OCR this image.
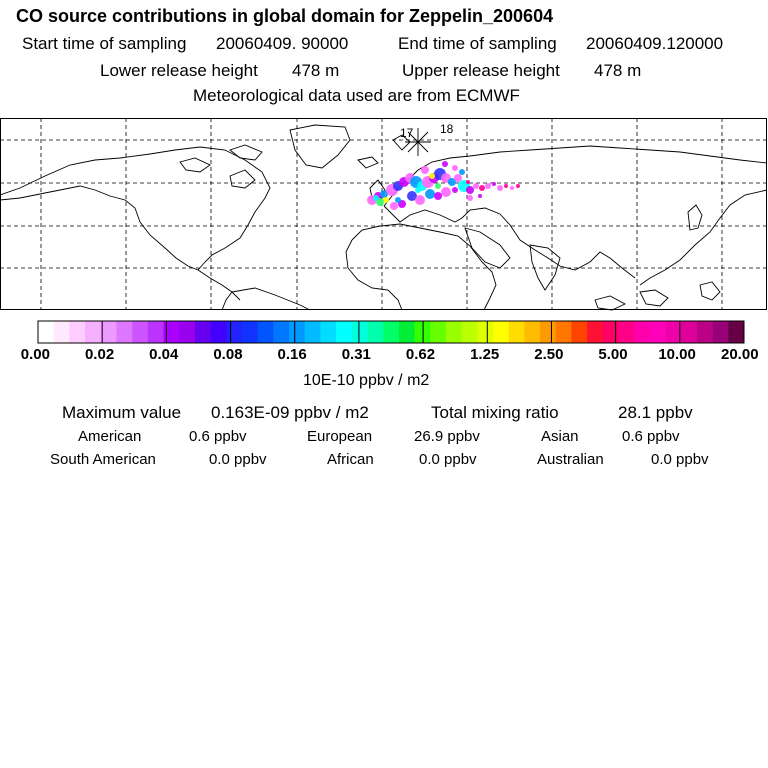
CO source contributions in global domain for Zeppelin_200604
Start time of sampling 20060409. 90000	End time of sampling 20060409.120000
Lower release height 478 m	Upper release height 478 m
Meteorological data used are from ECMWF
17 18
0.00 0.02 0.04 0.08 0.16 0.31 0.62 1.25 2.50 5.00 10.00 20.00
10E-10 ppbv / m2
Maximum value 0.163E-09 ppbv / m2	Total mixing ratio	28.1 ppbv
American	0.6 ppbv	European	26.9 ppbv	Asian	0.6 ppbv
South American	0.0 ppbv	African	0.0 ppbv	Australian	0.0 ppbv
